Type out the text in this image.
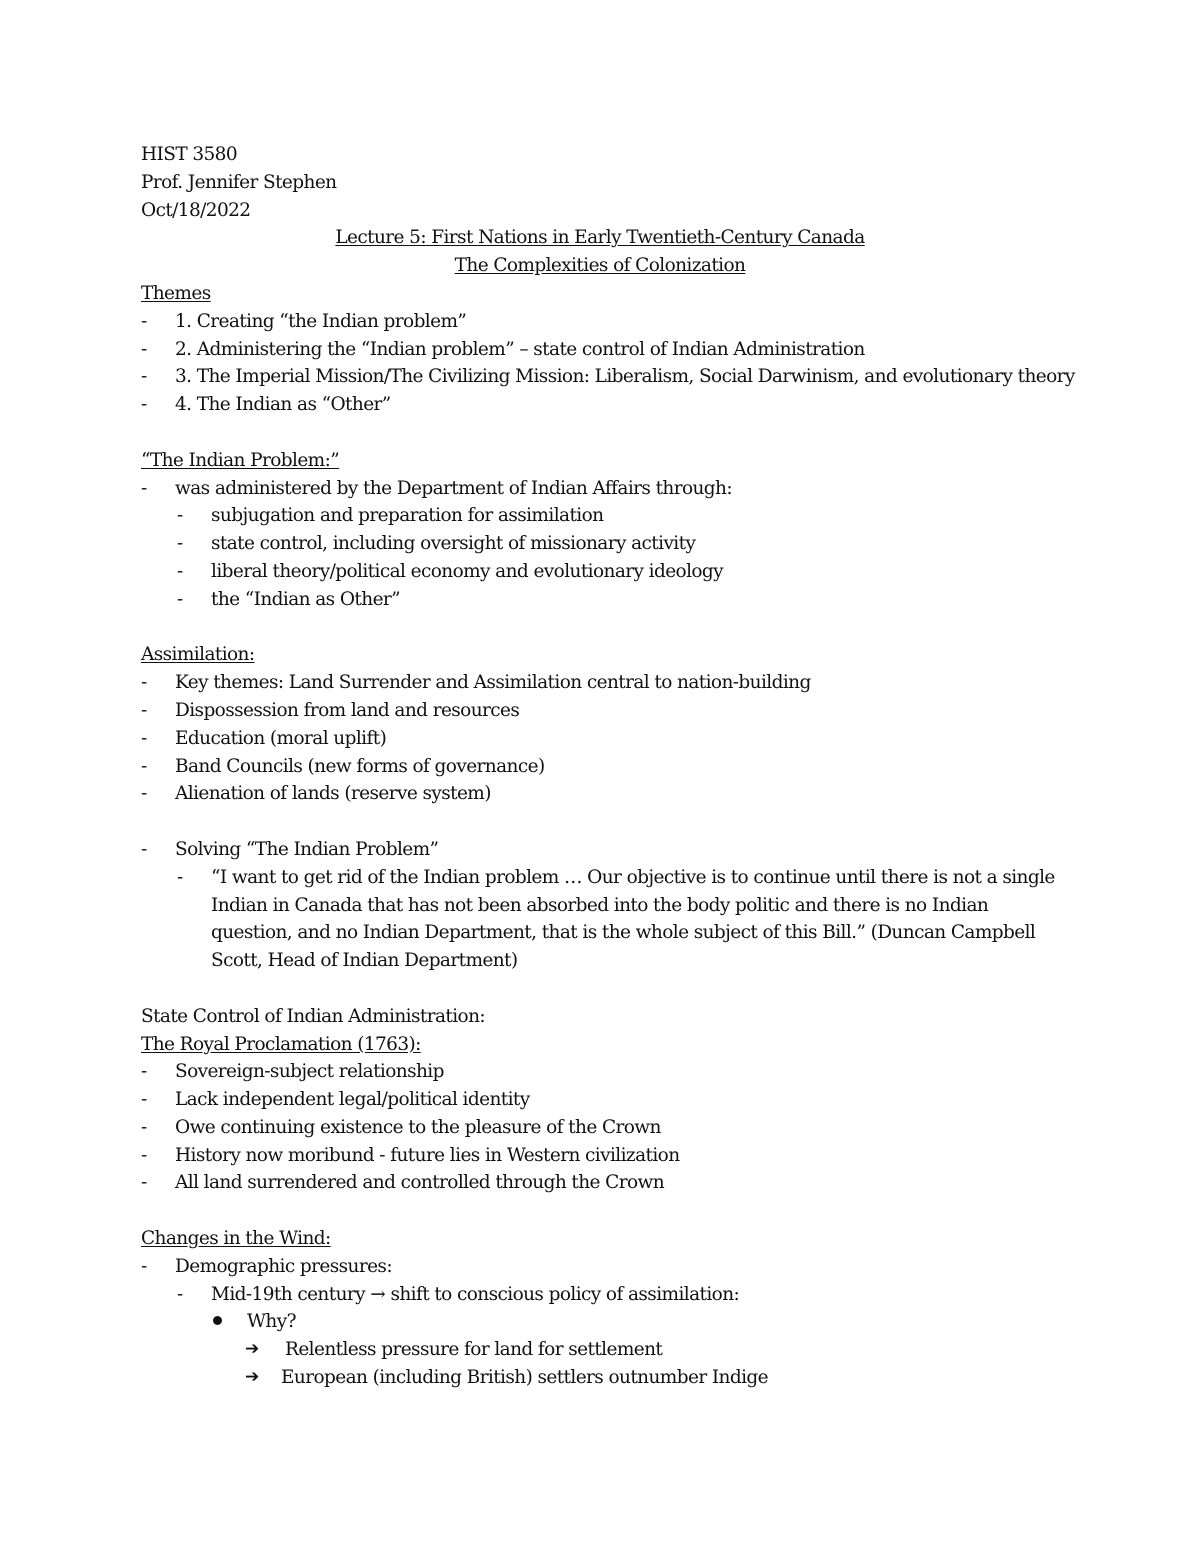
HIST 3580
Prof. Jennifer Stephen
Oct/18/2022
Lecture 5: First Nations in Early Twentieth-Century Canada
The Complexities of Colonization
Themes
- 1. Creating “the Indian problem”
- 2. Administering the “Indian problem” – state control of Indian Administration
- 3. The Imperial Mission/The Civilizing Mission: Liberalism, Social Darwinism, and evolutionary theory
- 4. The Indian as “Other”
“The Indian Problem:”
- was administered by the Department of Indian Affairs through:
- subjugation and preparation for assimilation
- state control, including oversight of missionary activity
- liberal theory/political economy and evolutionary ideology
- the “Indian as Other”
Assimilation:
- Key themes: Land Surrender and Assimilation central to nation-building
- Dispossession from land and resources
- Education (moral uplift)
- Band Councils (new forms of governance)
- Alienation of lands (reserve system)
- Solving “The Indian Problem”
- “I want to get rid of the Indian problem … Our objective is to continue until there is not a single
Indian in Canada that has not been absorbed into the body politic and there is no Indian
question, and no Indian Department, that is the whole subject of this Bill.” (Duncan Campbell
Scott, Head of Indian Department)
State Control of Indian Administration:
The Royal Proclamation (1763):
- Sovereign-subject relationship
- Lack independent legal/political identity
- Owe continuing existence to the pleasure of the Crown
- History now moribund - future lies in Western civilization
- All land surrendered and controlled through the Crown
Changes in the Wind:
- Demographic pressures:
- Mid-19th century → shift to conscious policy of assimilation:
Why?
➔ Relentless pressure for land for settlement
➔ European (including British) settlers outnumber Indige
